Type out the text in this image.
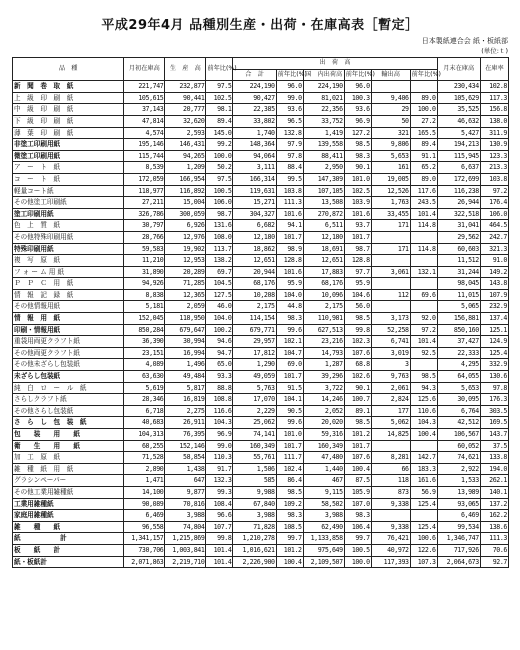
平成29年4月 品種別生産・出荷・在庫高表［暫定］
日本製紙連合会 紙・板紙部
(単位:ｔ)
品　種	月初在庫高	生　産　高	前年比(%)	出　荷　高						月末在庫高	在庫率
				合　計	前年比(%)	国　内出荷高	前年比(%)	輸出高	前年比(%)		
新　聞　巻　取　紙	221,747	232,877	97.5	224,190	96.0	224,190	96.0			230,434	102.8
上　級　印　刷　紙	105,615	90,441	102.5	90,427	99.0	81,021	100.3	9,406	89.0	105,629	117.3
中　級　印　刷　紙	37,143	20,777	98.1	22,385	93.6	22,356	93.6	29	100.0	35,525	156.8
下　級　印　刷　紙	47,814	32,620	89.4	33,802	96.5	33,752	96.9	50	27.2	46,632	138.0
薄　葉　印　刷　紙	4,574	2,593	145.0	1,740	132.8	1,419	127.2	321	165.5	5,427	311.9
非塗工印刷用紙	195,146	146,431	99.2	148,364	97.9	139,558	98.5	9,806	89.4	194,213	130.9
微塗工印刷用紙	115,744	94,265	100.0	94,064	97.8	88,411	98.3	5,653	91.1	115,945	123.3
ア　ー　ト　紙	8,539	1,209	50.2	3,111	88.4	2,950	90.1	161	65.2	6,637	213.3
コ　ー　ト　紙	172,059	166,954	97.5	166,314	99.5	147,309	101.0	19,005	89.0	172,699	103.8
軽量コート紙	118,977	116,892	100.5	119,631	103.8	107,105	102.5	12,526	117.6	116,238	97.2
その他塗工印刷紙	27,211	15,004	106.0	15,271	111.3	13,508	103.9	1,763	243.5	26,944	176.4
塗工印刷用紙	326,786	300,059	98.7	304,327	101.6	270,872	101.6	33,455	101.4	322,518	106.0
色　上　質　紙	30,797	6,926	131.6	6,682	94.1	6,511	93.7	171	114.8	31,041	464.5
その他特殊印刷用紙	28,766	12,976	108.0	12,180	101.7	12,180	101.7			29,562	242.7
特殊印刷用紙	59,583	19,902	113.7	18,862	98.9	18,691	98.7	171	114.8	60,603	321.3
複　写　原　紙	11,210	12,953	138.2	12,651	128.8	12,651	128.8			11,512	91.0
フ ォ ー ム 用 紙	31,890	20,289	69.7	20,944	101.6	17,883	97.7	3,061	132.1	31,244	149.2
Ｐ　Ｐ　Ｃ　用　紙	94,926	71,285	104.5	68,176	95.9	68,176	95.9			98,045	143.8
情　報　記　録　紙	8,838	12,365	127.5	10,208	104.0	10,096	104.6	112	69.6	11,015	107.9
その他情報用紙	5,181	2,059	46.0	2,175	44.8	2,175	56.0			5,065	232.9
情　報　用　紙	152,045	118,950	104.0	114,154	98.3	110,981	98.5	3,173	92.0	156,881	137.4
印刷・情報用紙	850,284	679,647	100.2	679,771	99.6	627,513	99.8	52,258	97.2	850,160	125.1
重袋用両更クラフト紙	36,390	30,994	94.6	29,957	102.1	23,216	102.3	6,741	101.4	37,427	124.9
その他両更クラフト紙	23,151	16,994	94.7	17,812	104.7	14,793	107.6	3,019	92.5	22,333	125.4
その他未ざらし包装紙	4,089	1,496	65.0	1,290	69.0	1,287	68.8	3		4,295	332.9
未ざらし包装紙	63,630	49,484	93.3	49,059	101.7	39,296	102.6	9,763	98.5	64,055	130.6
純　白　ロ　ー　ル　紙	5,619	5,817	88.8	5,763	91.5	3,722	90.1	2,061	94.3	5,653	97.8
さらしクラフト紙	28,346	16,819	108.8	17,070	104.1	14,246	100.7	2,824	125.6	30,095	176.3
その他さらし包装紙	6,718	2,275	116.6	2,229	90.5	2,052	89.1	177	110.6	6,764	303.5
さ　ら　し　包　装　紙	40,683	26,911	104.3	25,062	99.6	20,020	98.5	5,062	104.3	42,512	169.5
包　　装　　用　　紙	104,313	76,395	96.9	74,141	101.0	59,316	101.2	14,825	100.4	106,567	143.7
衛　　生　　用　　紙	68,255	152,146	99.0	160,349	101.7	160,349	101.7			60,052	37.5
加　工　原　紙	71,528	58,854	110.3	55,761	111.7	47,480	107.6	8,281	142.7	74,621	133.8
雑　種　紙　用　紙	2,890	1,438	91.7	1,506	102.4	1,440	100.4	66	183.3	2,922	194.0
グラシンペーパー	1,471	647	132.3	585	86.4	467	87.5	118	161.6	1,533	262.1
その他工業用雑種紙	14,100	9,877	99.3	9,988	98.5	9,115	105.9	873	56.9	13,989	140.1
工業用雑種紙	90,089	70,816	108.4	67,840	109.2	58,502	107.0	9,338	125.4	93,065	137.2
家庭用雑種紙	6,469	3,988	96.6	3,988	98.3	3,988	98.3			6,469	162.2
雑　　種　　紙	96,558	74,804	107.7	71,828	108.5	62,490	106.4	9,338	125.4	99,534	138.6
紙　　　　　　計	1,341,157	1,215,869	99.8	1,210,278	99.7	1,133,858	99.7	76,421	100.6	1,346,747	111.3
板　　紙　　計	730,706	1,003,841	101.4	1,016,621	101.2	975,649	100.5	40,972	122.6	717,926	70.6
紙・板紙計	2,071,863	2,219,710	101.4	2,226,900	100.4	2,109,507	100.0	117,393	107.3	2,064,673	92.7
